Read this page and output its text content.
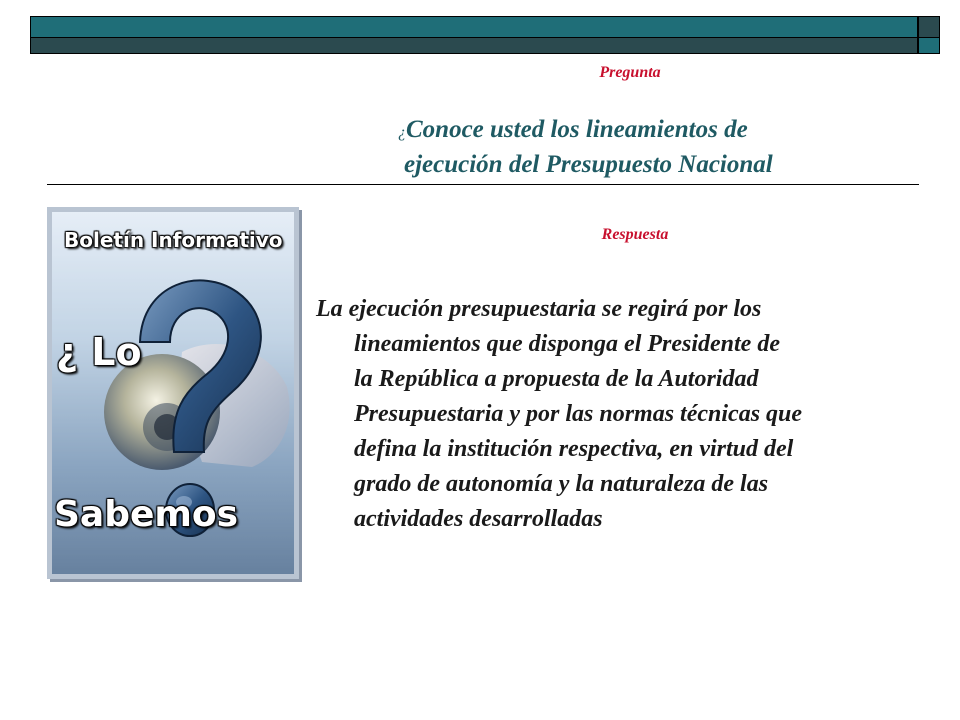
Pregunta
¿Conoce usted los lineamientos de
ejecución del Presupuesto Nacional
Boletín Informativo
¿ Lo
Sabemos
Respuesta
La ejecución presupuestaria se regirá por los
lineamientos que disponga el Presidente de
la República a propuesta de la Autoridad
Presupuestaria y por las normas técnicas que
defina la institución respectiva, en virtud del
grado de autonomía y la naturaleza de las
actividades desarrolladas
